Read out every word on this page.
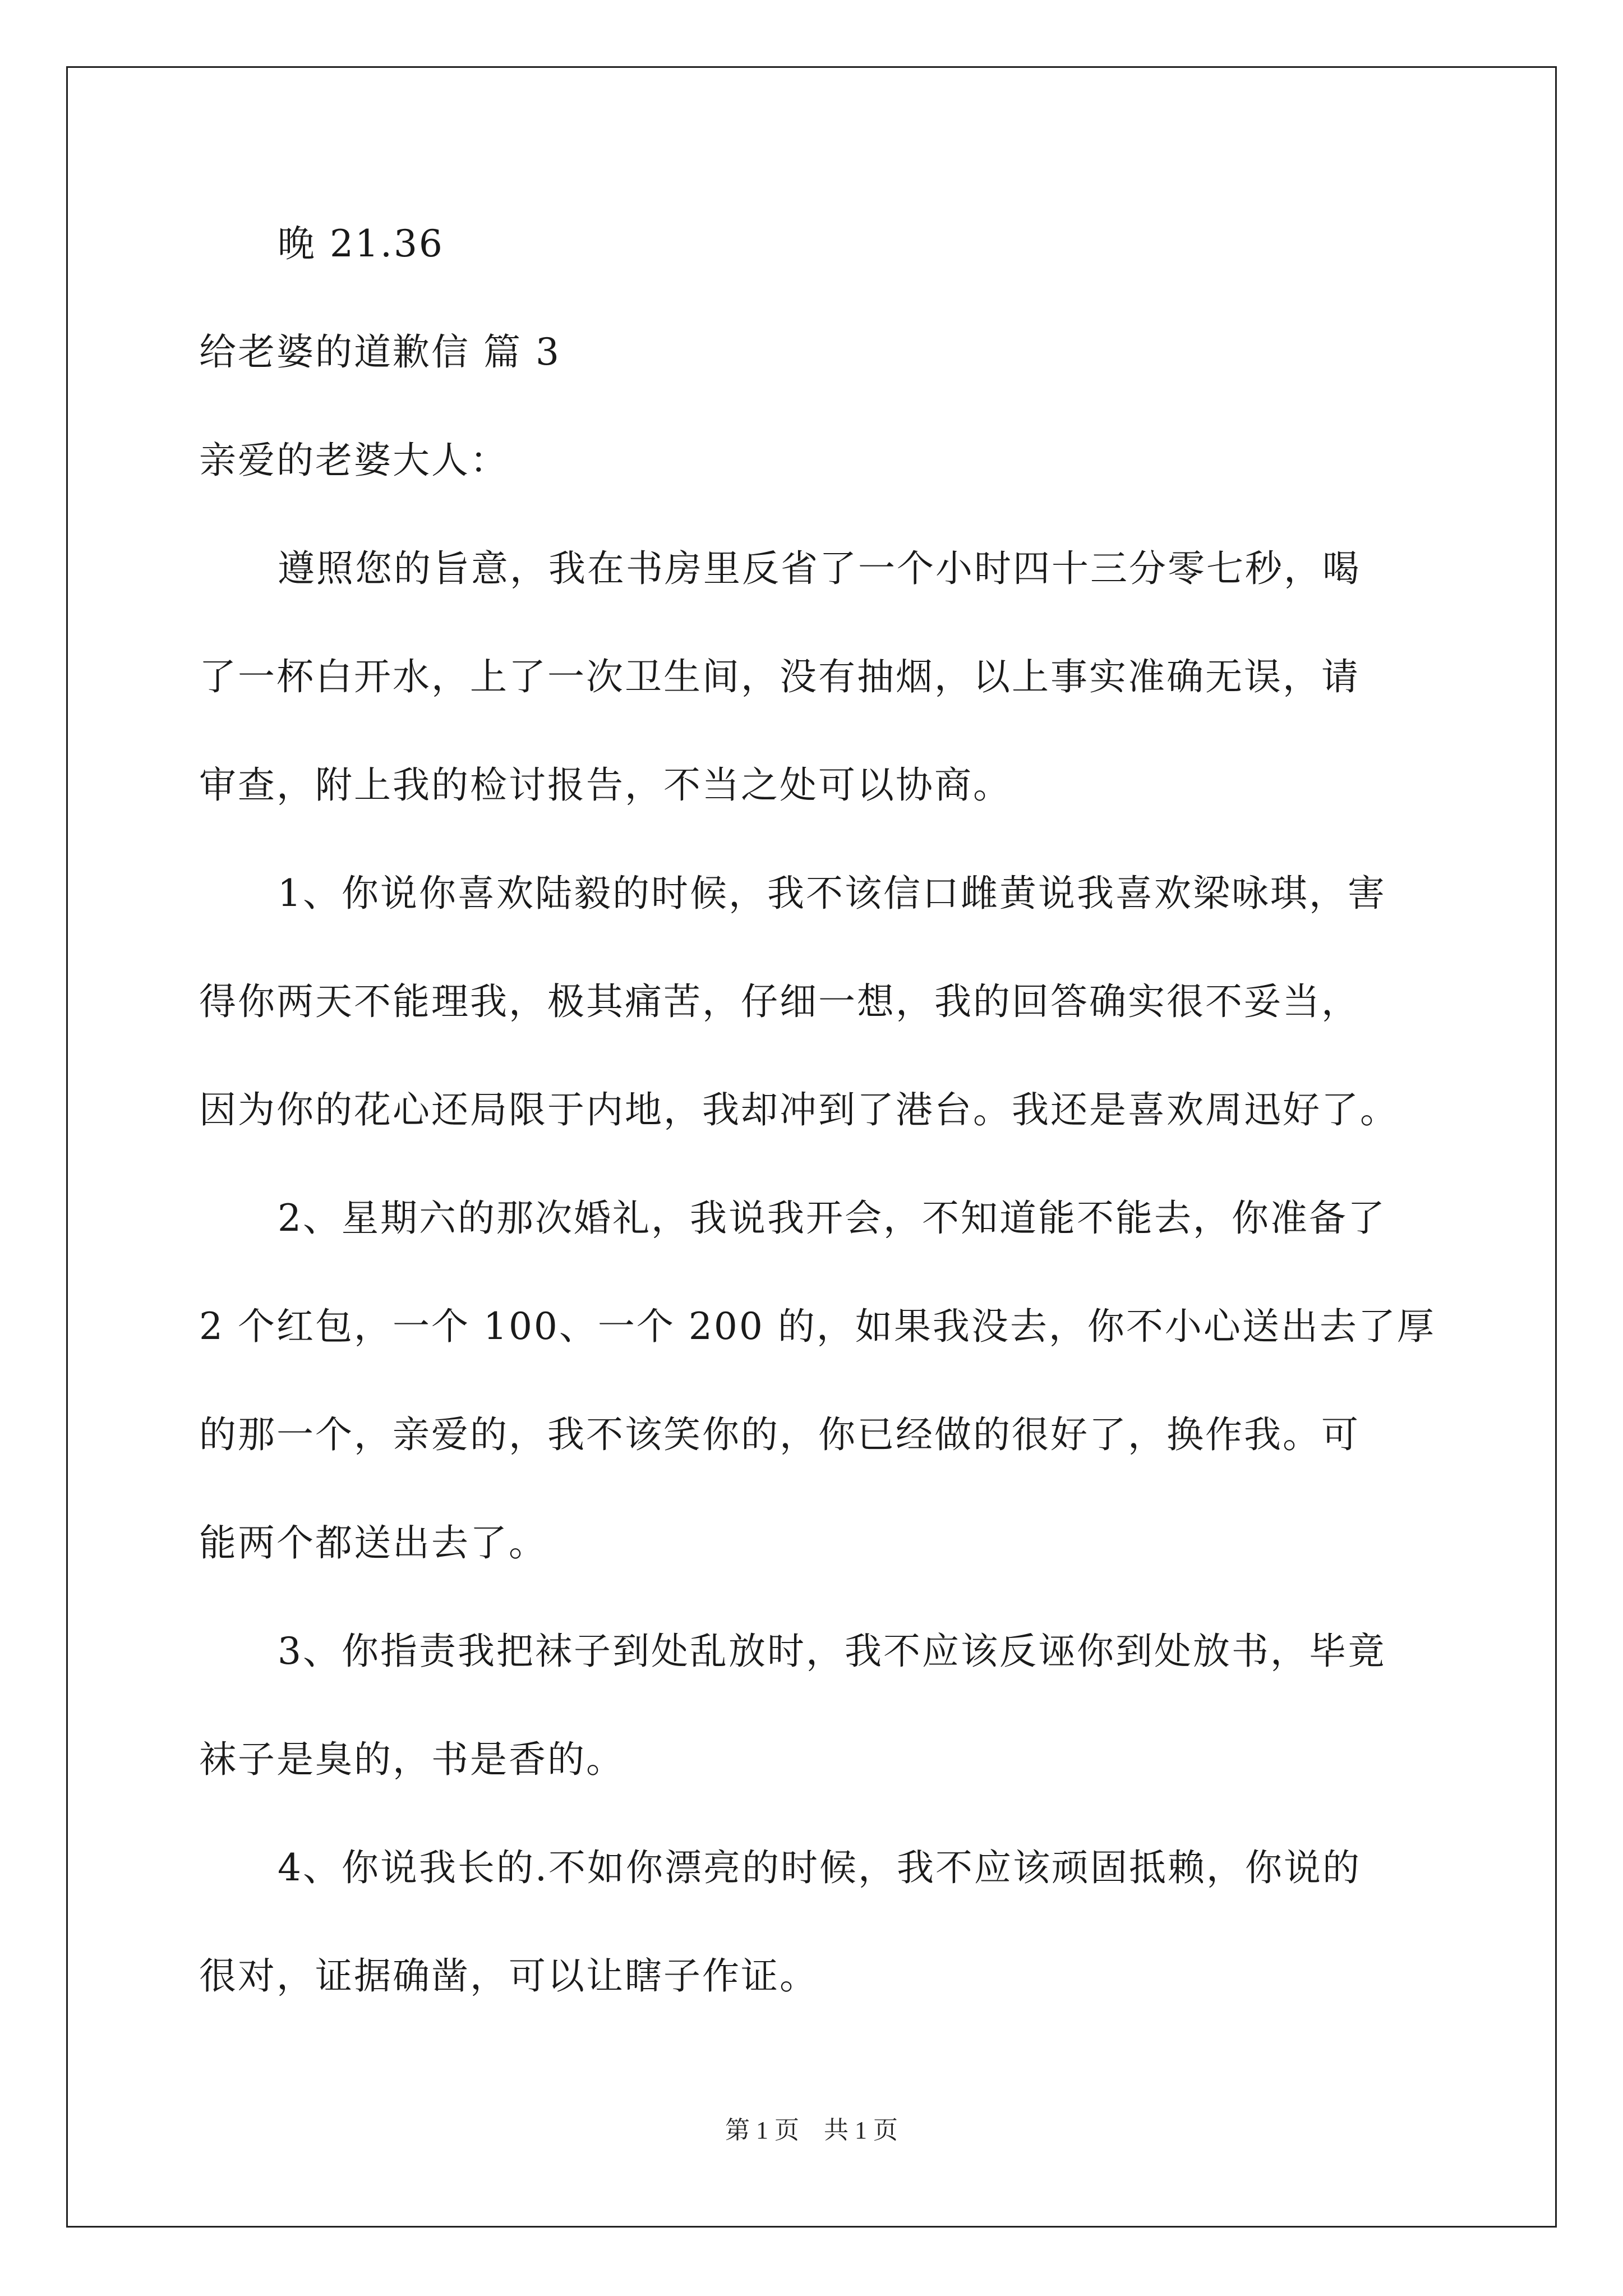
晚 21.36
给老婆的道歉信 篇 3
亲爱的老婆大人：
遵照您的旨意，我在书房里反省了一个小时四十三分零七秒，喝
了一杯白开水，上了一次卫生间，没有抽烟，以上事实准确无误，请
审查，附上我的检讨报告，不当之处可以协商。
1、你说你喜欢陆毅的时候，我不该信口雌黄说我喜欢梁咏琪，害
得你两天不能理我，极其痛苦，仔细一想，我的回答确实很不妥当，
因为你的花心还局限于内地，我却冲到了港台。我还是喜欢周迅好了。
2、星期六的那次婚礼，我说我开会，不知道能不能去，你准备了
2 个红包，一个 100、一个 200 的，如果我没去，你不小心送出去了厚
的那一个，亲爱的，我不该笑你的，你已经做的很好了，换作我。可
能两个都送出去了。
3、你指责我把袜子到处乱放时，我不应该反诬你到处放书，毕竟
袜子是臭的，书是香的。
4、你说我长的.不如你漂亮的时候，我不应该顽固抵赖，你说的
很对，证据确凿，可以让瞎子作证。
第 1 页　共 1 页
